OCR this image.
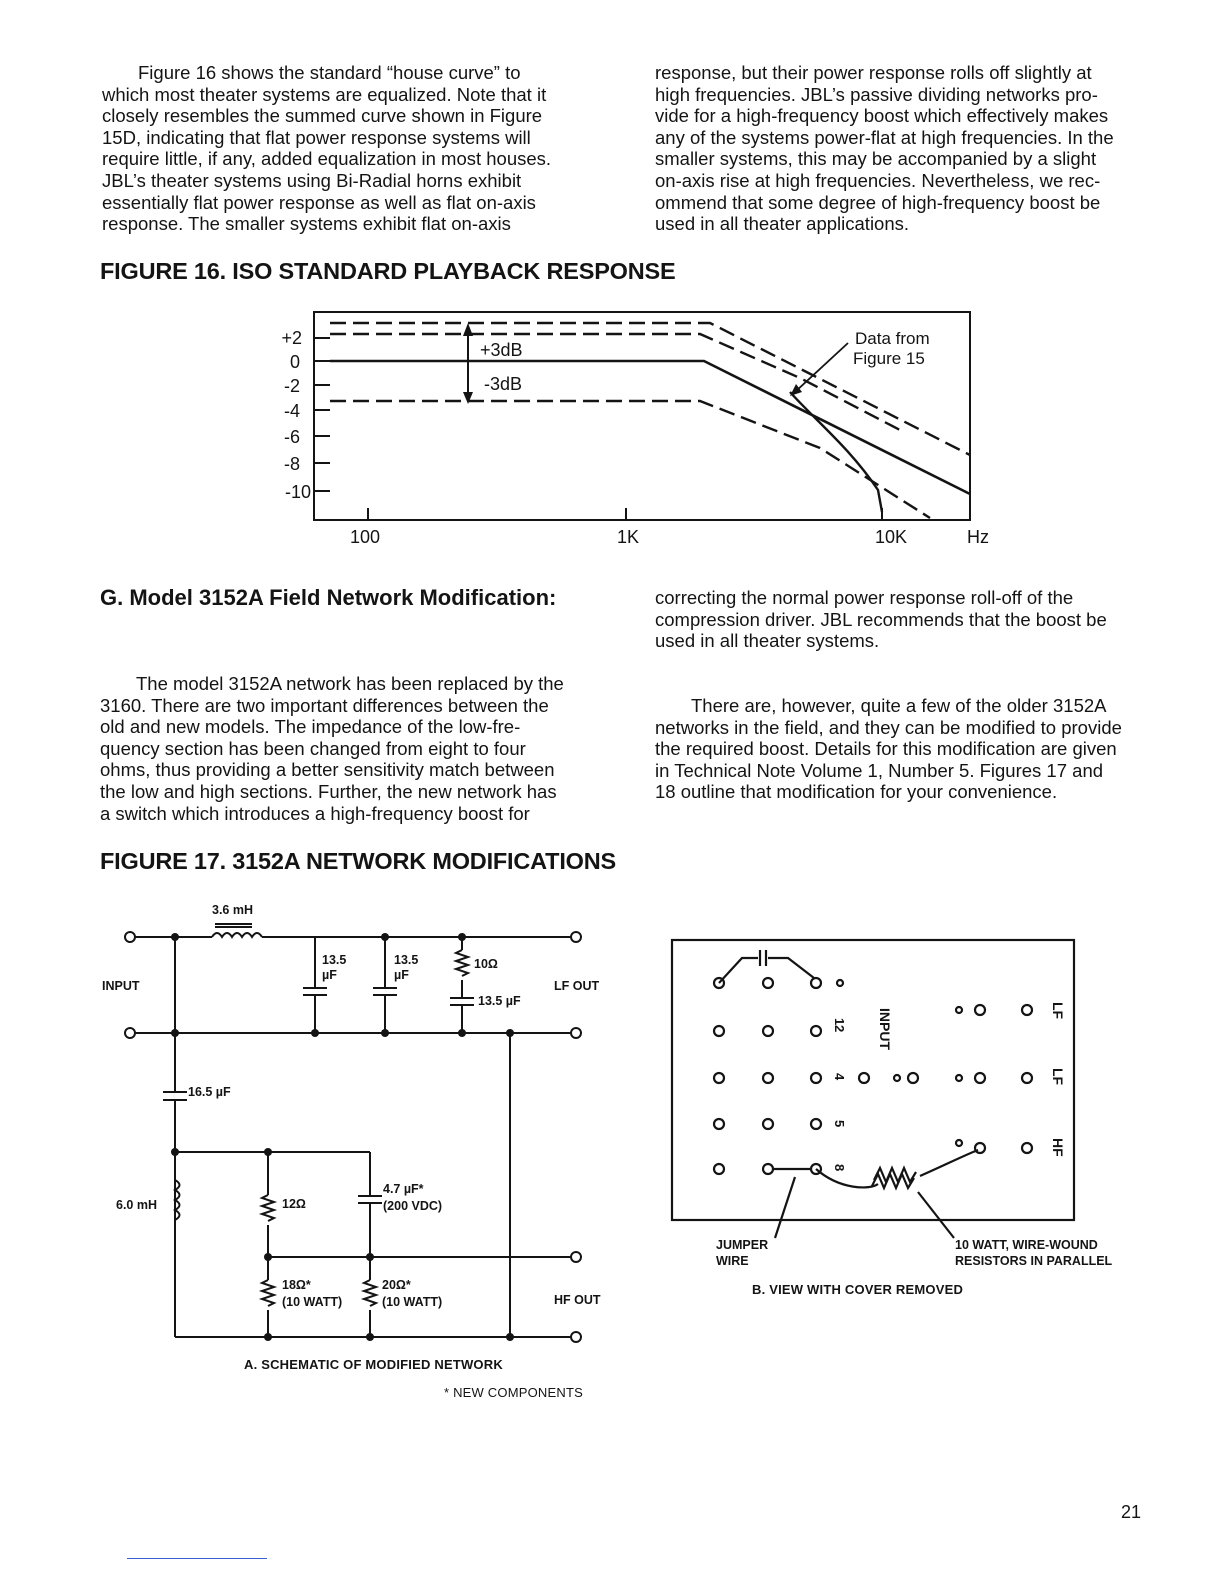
Figure 16 shows the standard “house curve” to
which most theater systems are equalized. Note that it
closely resembles the summed curve shown in Figure
15D, indicating that flat power response systems will
require little, if any, added equalization in most houses.
JBL’s theater systems using Bi-Radial horns exhibit
essentially flat power response as well as flat on-axis
response. The smaller systems exhibit flat on-axis
response, but their power response rolls off slightly at
high frequencies. JBL’s passive dividing networks pro-
vide for a high-frequency boost which effectively makes
any of the systems power-flat at high frequencies. In the
smaller systems, this may be accompanied by a slight
on-axis rise at high frequencies. Nevertheless, we rec-
ommend that some degree of high-frequency boost be
used in all theater applications.
FIGURE 16. ISO STANDARD PLAYBACK RESPONSE
+2
0
-2
-4
-6
-8
-10
100	1K	10K	Hz
+3dB
-3dB
Data from
Figure 15
G. Model 3152A Field Network Modification:
The model 3152A network has been replaced by the
3160. There are two important differences between the
old and new models. The impedance of the low-fre-
quency section has been changed from eight to four
ohms, thus providing a better sensitivity match between
the low and high sections. Further, the new network has
a switch which introduces a high-frequency boost for
correcting the normal power response roll-off of the
compression driver. JBL recommends that the boost be
used in all theater systems.
There are, however, quite a few of the older 3152A
networks in the field, and they can be modified to provide
the required boost. Details for this modification are given
in Technical Note Volume 1, Number 5. Figures 17 and
18 outline that modification for your convenience.
FIGURE 17. 3152A NETWORK MODIFICATIONS
3.6 mH
13.5
µF
13.5
µF
10Ω
13.5 µF
INPUT	LF OUT
16.5 µF
6.0 mH	12Ω
4.7 µF*
(200 VDC)
18Ω*
(10 WATT)
20Ω*
(10 WATT)	HF OUT
A. SCHEMATIC OF MODIFIED NETWORK
* NEW COMPONENTS
1
2
4
5
8
INPUT	LF
LF
HF
JUMPER
WIRE
10 WATT, WIRE-WOUND
RESISTORS IN PARALLEL
B. VIEW WITH COVER REMOVED
21
